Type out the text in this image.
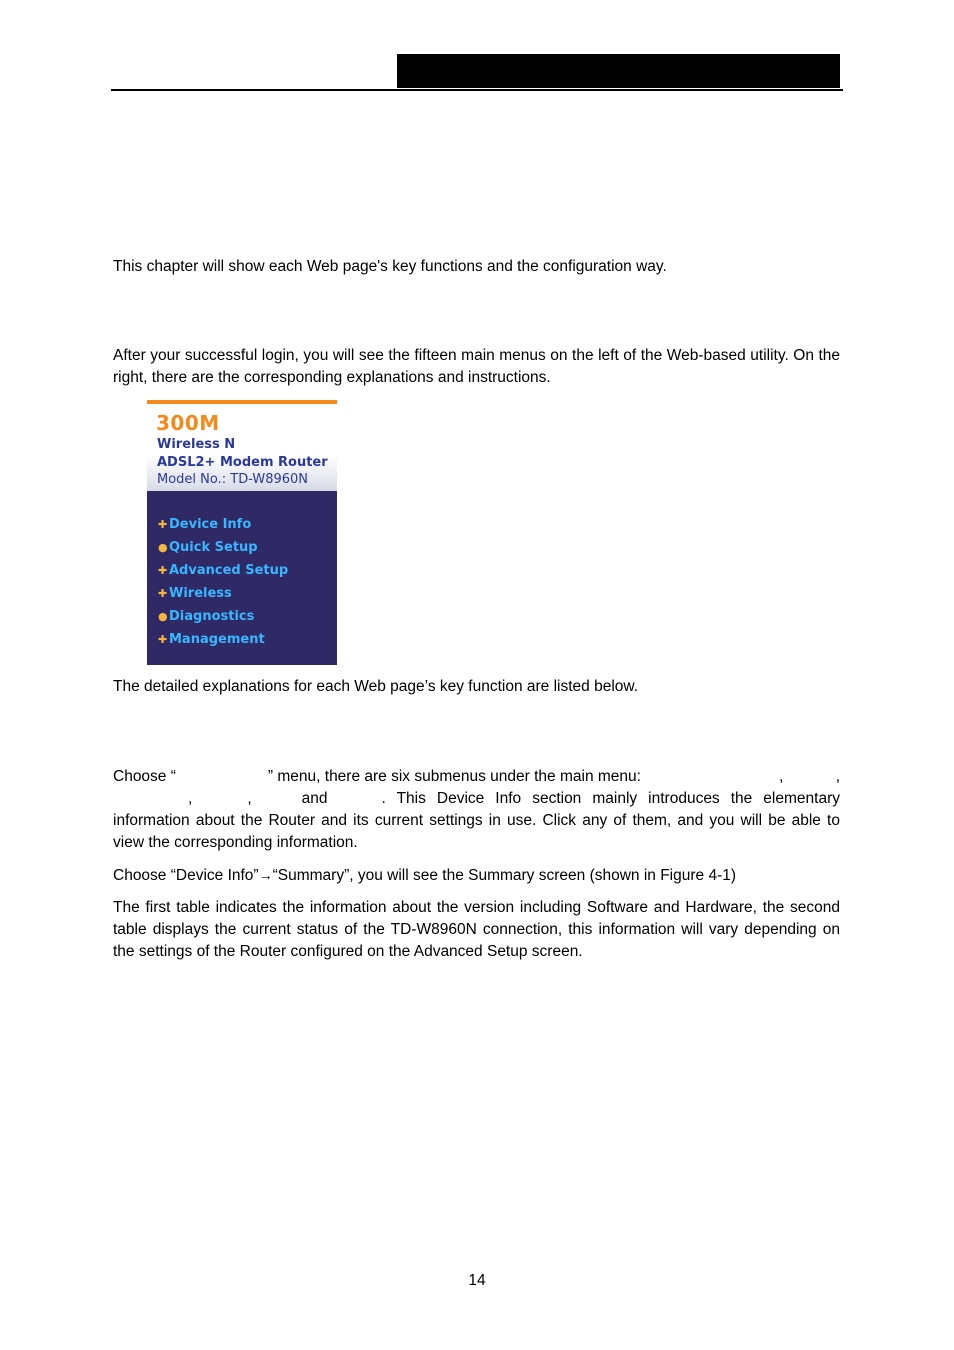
This chapter will show each Web page's key functions and the configuration way.
After your successful login, you will see the fifteen main menus on the left of the Web-based utility. On the right, there are the corresponding explanations and instructions.
300M
Wireless N
ADSL2+ Modem Router
Model No.: TD-W8960N
✚ Device Info
● Quick Setup
✚ Advanced Setup
✚ Wireless
● Diagnostics
✚ Management
The detailed explanations for each Web page’s key function are listed below.
Choose “	” menu, there are six submenus under the main menu:	,	,
,	,	and	. This Device Info section mainly introduces the elementary
information about the Router and its current settings in use. Click any of them, and you will be able to view the corresponding information.
Choose “Device Info”→“Summary”, you will see the Summary screen (shown in Figure 4-1)
The first table indicates the information about the version including Software and Hardware, the second table displays the current status of the TD-W8960N connection, this information will vary depending on the settings of the Router configured on the Advanced Setup screen.
14
